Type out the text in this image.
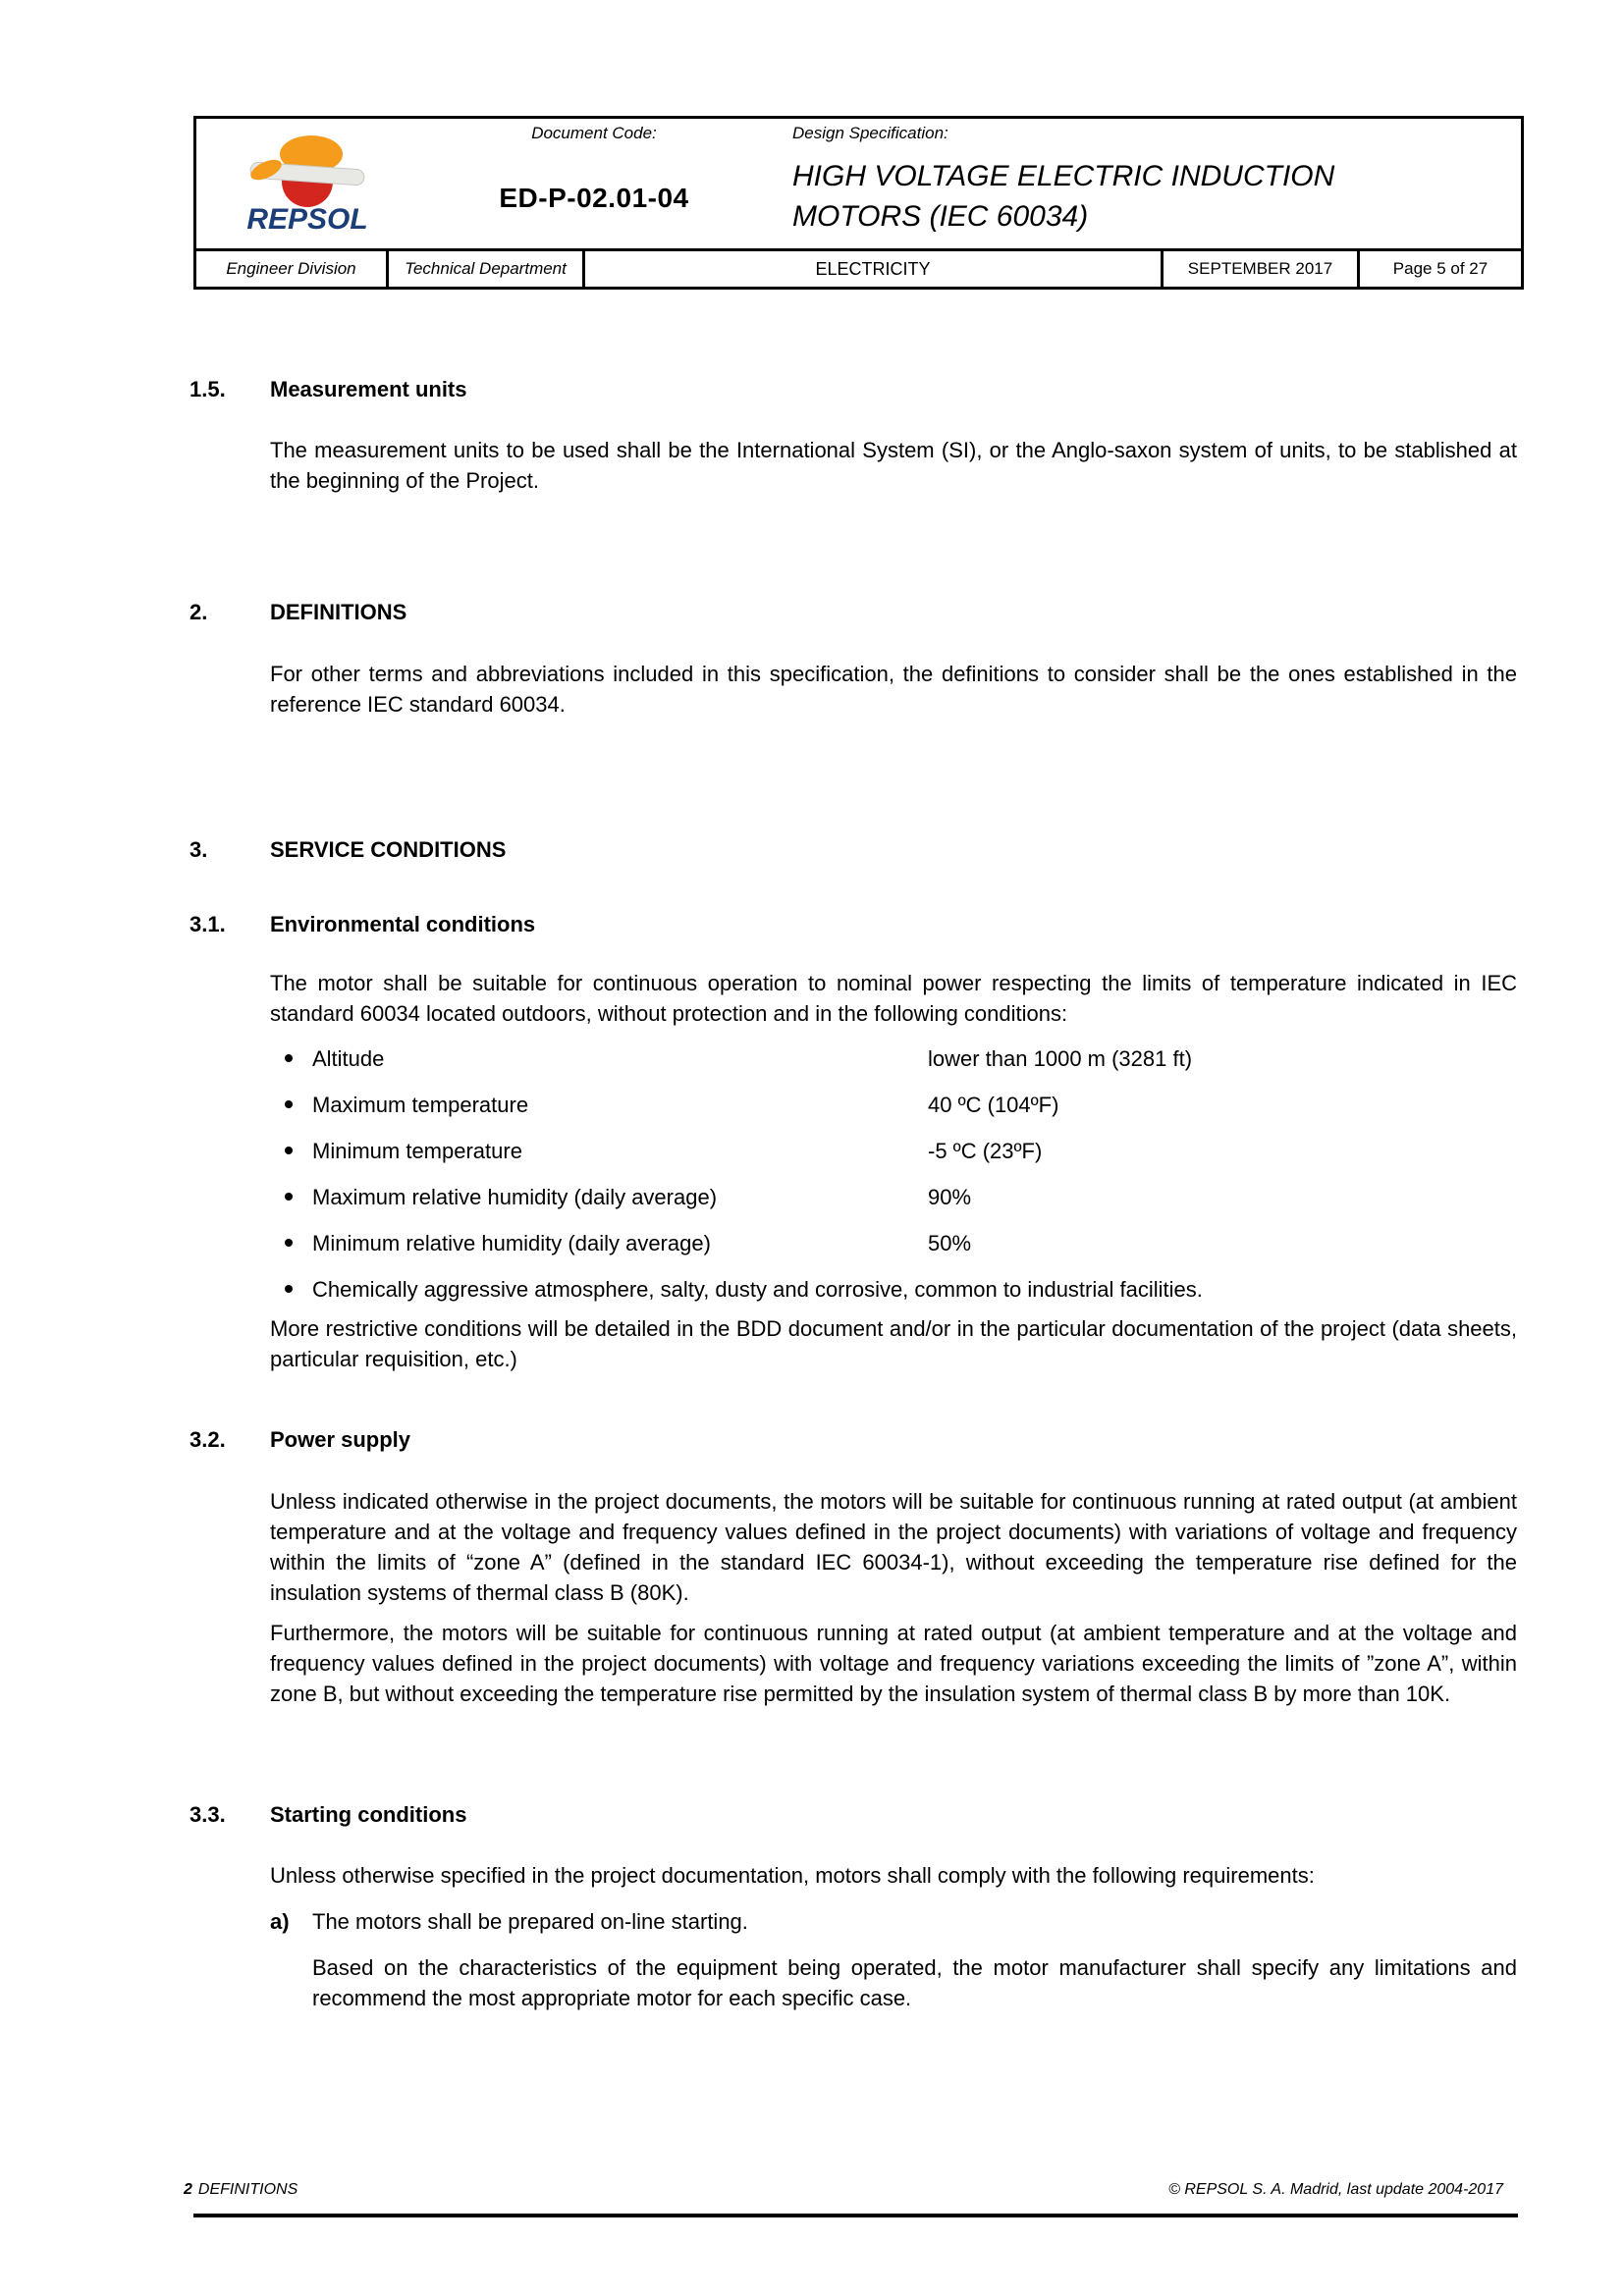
REPSOL
Document Code:
ED-P-02.01-04
Design Specification:
HIGH VOLTAGE ELECTRIC INDUCTION
MOTORS (IEC 60034)
Engineer Division	Technical Department	ELECTRICITY	SEPTEMBER 2017	Page 5 of 27
1.5.	Measurement units
The measurement units to be used shall be the International System (SI), or the Anglo-saxon system of units, to be stablished at the beginning of the Project.
2.	DEFINITIONS
For other terms and abbreviations included in this specification, the definitions to consider shall be the ones established in the reference IEC standard 60034.
3.	SERVICE CONDITIONS
3.1.	Environmental conditions
The motor shall be suitable for continuous operation to nominal power respecting the limits of temperature indicated in IEC standard 60034 located outdoors, without protection and in the following conditions:
Altitude	lower than 1000 m (3281 ft)
Maximum temperature	40 ºC (104ºF)
Minimum temperature	-5 ºC (23ºF)
Maximum relative humidity (daily average)	90%
Minimum relative humidity (daily average)	50%
Chemically aggressive atmosphere, salty, dusty and corrosive, common to industrial facilities.
More restrictive conditions will be detailed in the BDD document and/or in the particular documentation of the project (data sheets, particular requisition, etc.)
3.2.	Power supply
Unless indicated otherwise in the project documents, the motors will be suitable for continuous running at rated output (at ambient temperature and at the voltage and frequency values defined in the project documents) with variations of voltage and frequency within the limits of “zone A” (defined in the standard IEC 60034-1), without exceeding the temperature rise defined for the insulation systems of thermal class B (80K).
Furthermore, the motors will be suitable for continuous running at rated output (at ambient temperature and at the voltage and frequency values defined in the project documents) with voltage and frequency variations exceeding the limits of ”zone A”, within zone B, but without exceeding the temperature rise permitted by the insulation system of thermal class B by more than 10K.
3.3.	Starting conditions
Unless otherwise specified in the project documentation, motors shall comply with the following requirements:
a)	The motors shall be prepared on-line starting.
Based on the characteristics of the equipment being operated, the motor manufacturer shall specify any limitations and recommend the most appropriate motor for each specific case.
2 DEFINITIONS	© REPSOL S. A. Madrid, last update 2004-2017
